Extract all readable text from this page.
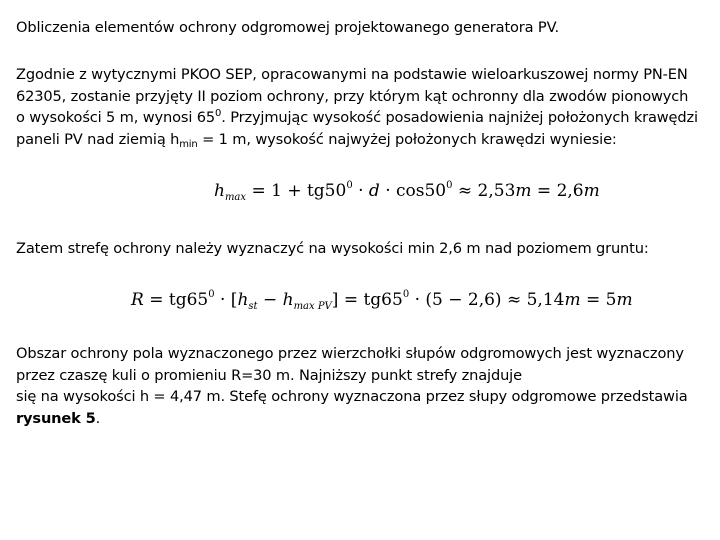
Obliczenia elementów ochrony odgromowej projektowanego generatora PV.
Zgodnie z wytycznymi PKOO SEP, opracowanymi na podstawie wieloarkuszowej normy PN-EN
62305, zostanie przyjęty II poziom ochrony, przy którym kąt ochronny dla zwodów pionowych
o wysokości 5 m, wynosi $65^0$. Przyjmując wysokość posadowienia najniżej położonych krawędzi
paneli PV nad ziemią $h_{min} = 1$ m, wysokość najwyżej położonych krawędzi wyniesie:
$h_{max} = 1 + tg50^0 \cdot d \cdot \cos 50^0 \approx 2,53m = 2,6m$
Zatem strefę ochrony należy wyznaczyć na wysokości min 2,6 m nad poziomem gruntu:
$R = tg65^0 \cdot [h_{st} - h_{max PV}] = tg65^0 \cdot (5 - 2,6) \approx 5,14m = 5m$
Obszar ochrony pola wyznaczonego przez wierzchołki słupów odgromowych jest wyznaczony
przez czaszę kuli o promieniu R=30 m. Najniższy punkt strefy znajduje
się na wysokości h = 4,47 m. Stefę ochrony wyznaczona przez słupy odgromowe przedstawia
rysunek 5.
